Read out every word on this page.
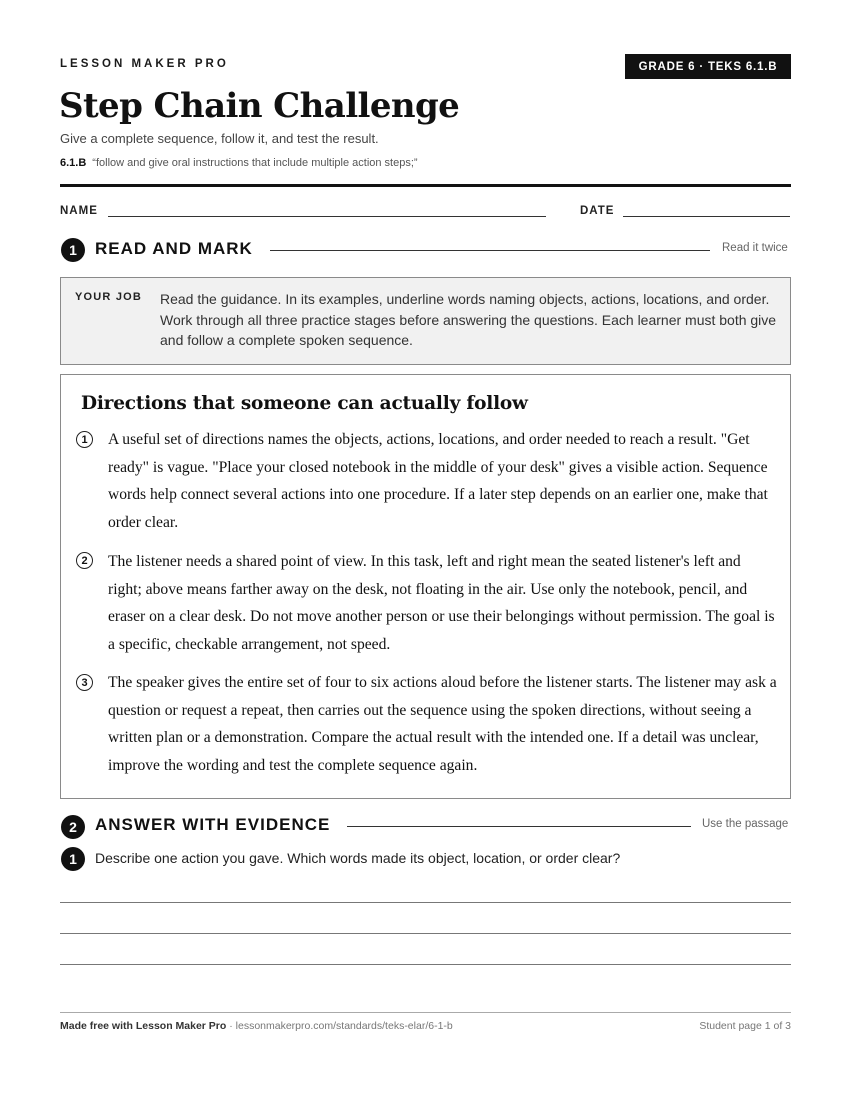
LESSON MAKER PRO	GRADE 6 · TEKS 6.1.B
Step Chain Challenge
Give a complete sequence, follow it, and test the result.
6.1.B “follow and give oral instructions that include multiple action steps;”
NAME	DATE
1	READ AND MARK	Read it twice
YOUR JOB Read the guidance. In its examples, underline words naming objects, actions, locations, and order. Work through all three practice stages before answering the questions. Each learner must both give and follow a complete spoken sequence.
Directions that someone can actually follow
1	A useful set of directions names the objects, actions, locations, and order needed to reach a result. "Get ready" is vague. "Place your closed notebook in the middle of your desk" gives a visible action. Sequence words help connect several actions into one procedure. If a later step depends on an earlier one, make that order clear.
2	The listener needs a shared point of view. In this task, left and right mean the seated listener's left and right; above means farther away on the desk, not floating in the air. Use only the notebook, pencil, and eraser on a clear desk. Do not move another person or use their belongings without permission. The goal is a specific, checkable arrangement, not speed.
3	The speaker gives the entire set of four to six actions aloud before the listener starts. The listener may ask a question or request a repeat, then carries out the sequence using the spoken directions, without seeing a written plan or a demonstration. Compare the actual result with the intended one. If a detail was unclear, improve the wording and test the complete sequence again.
2	ANSWER WITH EVIDENCE	Use the passage
1	Describe one action you gave. Which words made its object, location, or order clear?
Made free with Lesson Maker Pro · lessonmakerpro.com/standards/teks-elar/6-1-b	Student page 1 of 3
